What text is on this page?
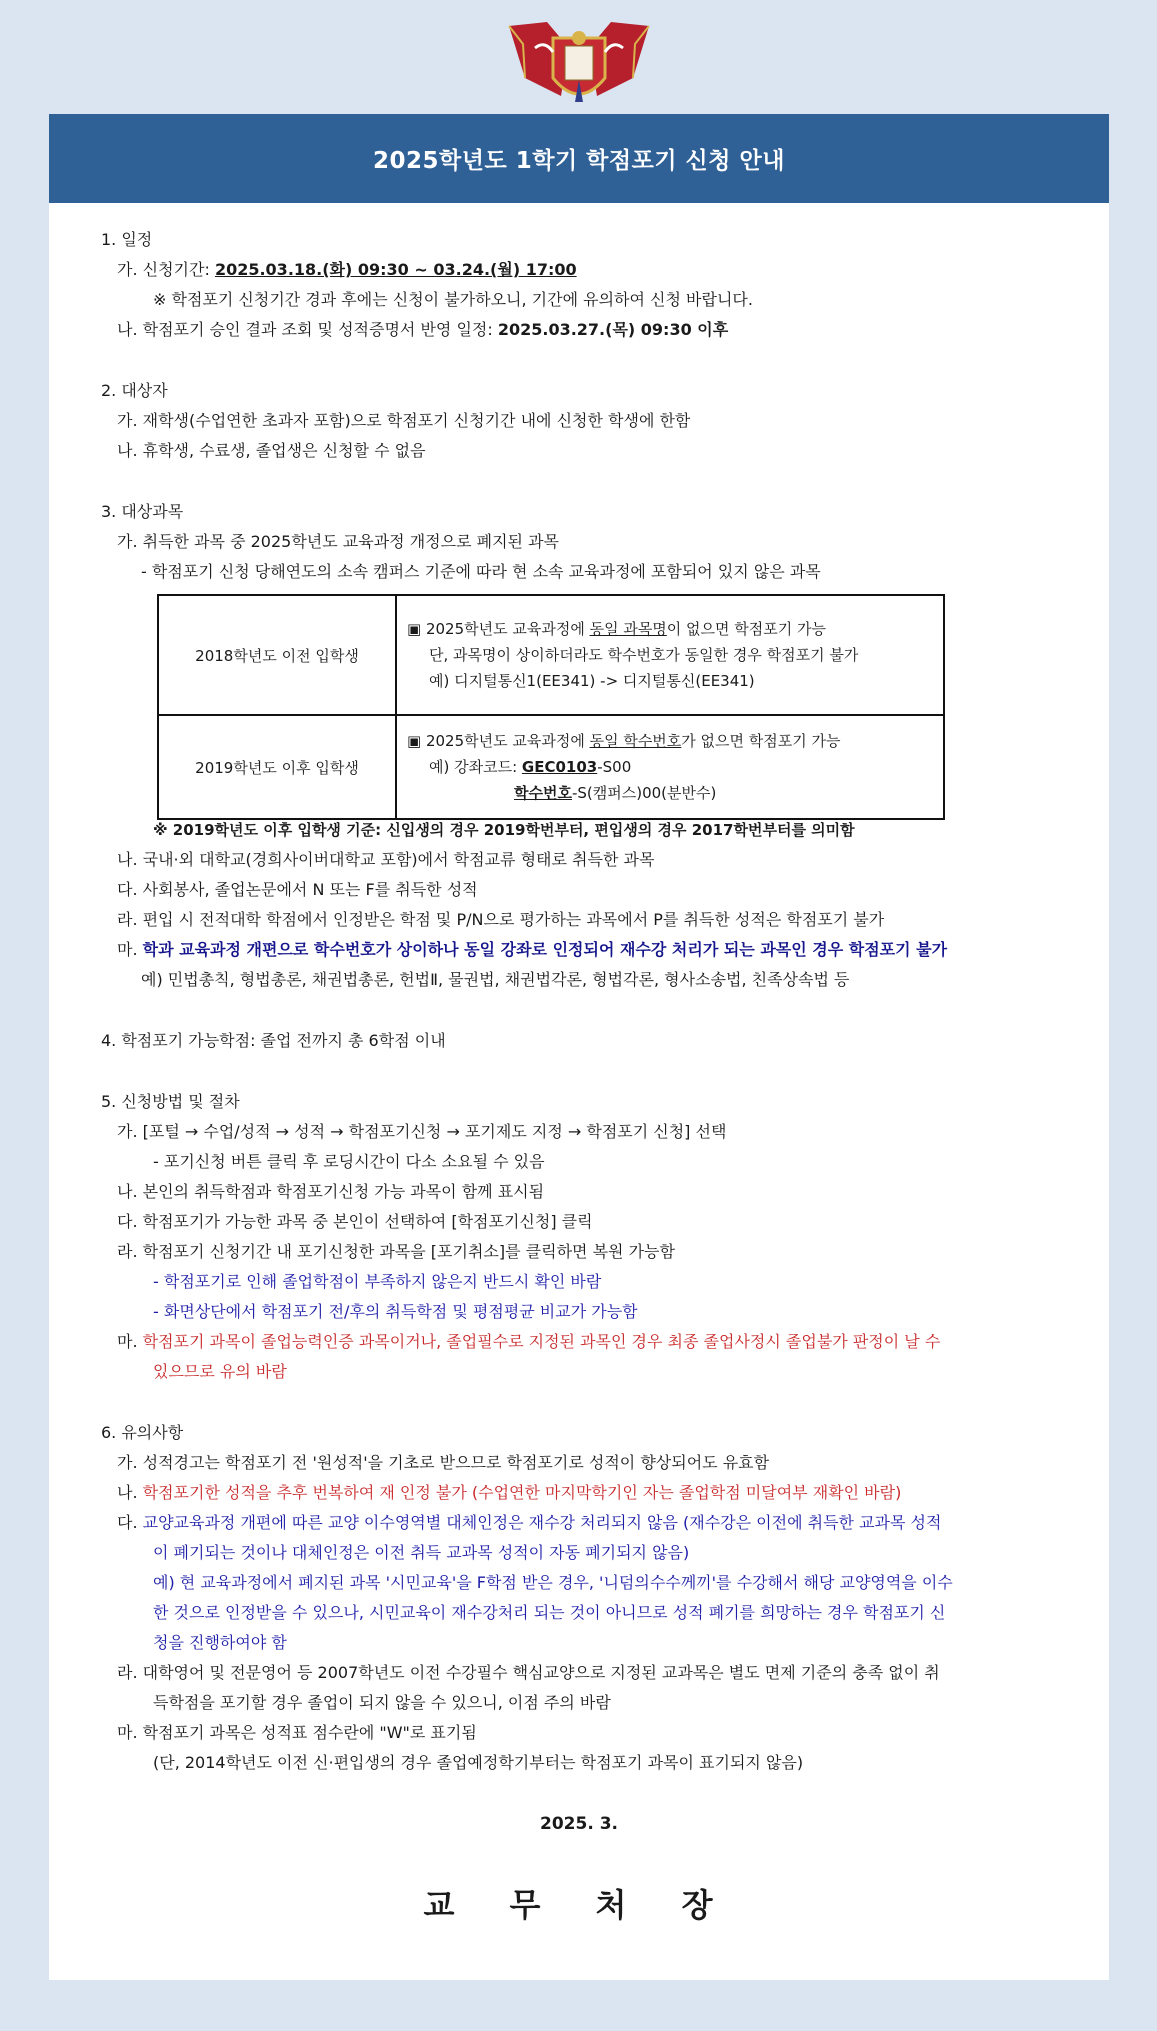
2025학년도 1학기 학점포기 신청 안내
1. 일정
가. 신청기간: 2025.03.18.(화) 09:30 ~ 03.24.(월) 17:00
※ 학점포기 신청기간 경과 후에는 신청이 불가하오니, 기간에 유의하여 신청 바랍니다.
나. 학점포기 승인 결과 조회 및 성적증명서 반영 일정: 2025.03.27.(목) 09:30 이후
2. 대상자
가. 재학생(수업연한 초과자 포함)으로 학점포기 신청기간 내에 신청한 학생에 한함
나. 휴학생, 수료생, 졸업생은 신청할 수 없음
3. 대상과목
가. 취득한 과목 중 2025학년도 교육과정 개정으로 폐지된 과목
- 학점포기 신청 당해연도의 소속 캠퍼스 기준에 따라 현 소속 교육과정에 포함되어 있지 않은 과목
2018학년도 이전 입학생	▣ 2025학년도 교육과정에 동일 과목명이 없으면 학점포기 가능
단, 과목명이 상이하더라도 학수번호가 동일한 경우 학점포기 불가
예) 디지털통신1(EE341) -> 디지털통신(EE341)

2019학년도 이후 입학생	▣ 2025학년도 교육과정에 동일 학수번호가 없으면 학점포기 가능
예) 강좌코드: GEC0103-S00
학수번호-S(캠퍼스)00(분반수)
※ 2019학년도 이후 입학생 기준: 신입생의 경우 2019학번부터, 편입생의 경우 2017학번부터를 의미함
나. 국내·외 대학교(경희사이버대학교 포함)에서 학점교류 형태로 취득한 과목
다. 사회봉사, 졸업논문에서 N 또는 F를 취득한 성적
라. 편입 시 전적대학 학점에서 인정받은 학점 및 P/N으로 평가하는 과목에서 P를 취득한 성적은 학점포기 불가
마. 학과 교육과정 개편으로 학수번호가 상이하나 동일 강좌로 인정되어 재수강 처리가 되는 과목인 경우 학점포기 불가
예) 민법총칙, 형법총론, 채권법총론, 헌법Ⅱ, 물권법, 채권법각론, 형법각론, 형사소송법, 친족상속법 등
4. 학점포기 가능학점: 졸업 전까지 총 6학점 이내
5. 신청방법 및 절차
가. [포털 → 수업/성적 → 성적 → 학점포기신청 → 포기제도 지정 → 학점포기 신청] 선택
- 포기신청 버튼 클릭 후 로딩시간이 다소 소요될 수 있음
나. 본인의 취득학점과 학점포기신청 가능 과목이 함께 표시됨
다. 학점포기가 가능한 과목 중 본인이 선택하여 [학점포기신청] 클릭
라. 학점포기 신청기간 내 포기신청한 과목을 [포기취소]를 클릭하면 복원 가능함
- 학점포기로 인해 졸업학점이 부족하지 않은지 반드시 확인 바람
- 화면상단에서 학점포기 전/후의 취득학점 및 평점평균 비교가 가능함
마. 학점포기 과목이 졸업능력인증 과목이거나, 졸업필수로 지정된 과목인 경우 최종 졸업사정시 졸업불가 판정이 날 수
있으므로 유의 바람
6. 유의사항
가. 성적경고는 학점포기 전 '원성적'을 기초로 받으므로 학점포기로 성적이 향상되어도 유효함
나. 학점포기한 성적을 추후 번복하여 재 인정 불가 (수업연한 마지막학기인 자는 졸업학점 미달여부 재확인 바람)
다. 교양교육과정 개편에 따른 교양 이수영역별 대체인정은 재수강 처리되지 않음 (재수강은 이전에 취득한 교과목 성적
이 폐기되는 것이나 대체인정은 이전 취득 교과목 성적이 자동 폐기되지 않음)
예) 현 교육과정에서 폐지된 과목 '시민교육'을 F학점 받은 경우, '니덤의수수께끼'를 수강해서 해당 교양영역을 이수
한 것으로 인정받을 수 있으나, 시민교육이 재수강처리 되는 것이 아니므로 성적 폐기를 희망하는 경우 학점포기 신
청을 진행하여야 함
라. 대학영어 및 전문영어 등 2007학년도 이전 수강필수 핵심교양으로 지정된 교과목은 별도 면제 기준의 충족 없이 취
득학점을 포기할 경우 졸업이 되지 않을 수 있으니, 이점 주의 바람
마. 학점포기 과목은 성적표 점수란에 "W"로 표기됨
(단, 2014학년도 이전 신·편입생의 경우 졸업예정학기부터는 학점포기 과목이 표기되지 않음)
2025. 3.
교 무 처 장
